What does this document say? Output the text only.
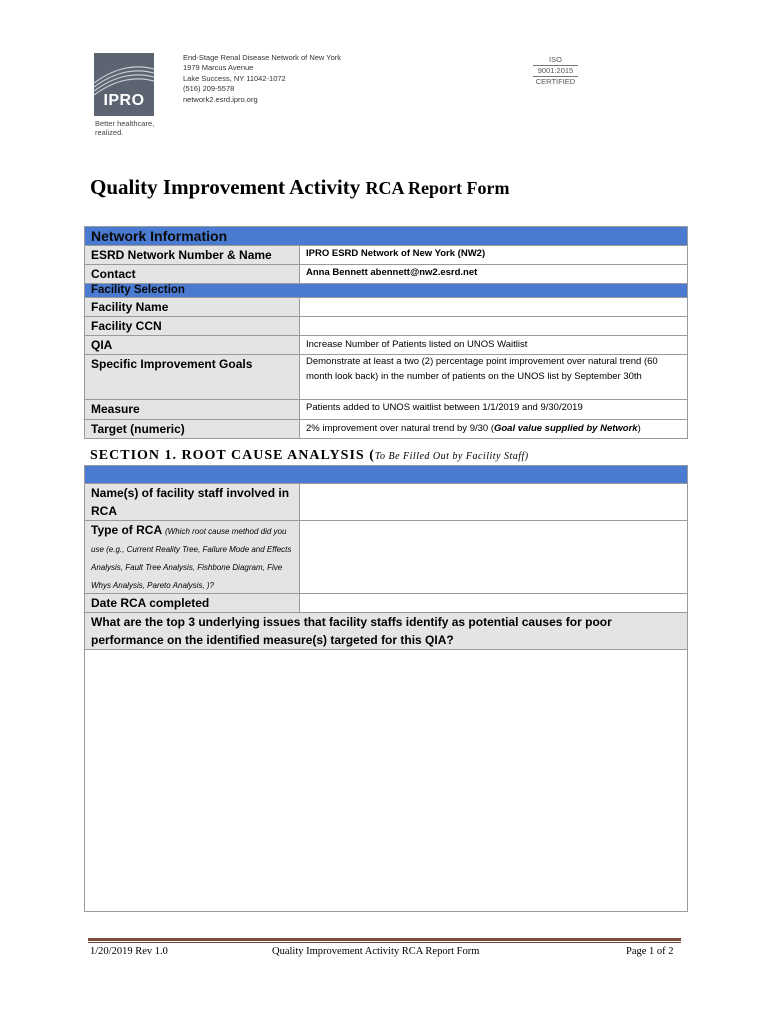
IPRO
Better healthcare,
realized.
End-Stage Renal Disease Network of New York
1979 Marcus Avenue
Lake Success, NY 11042-1072
(516) 209-5578
network2.esrd.ipro.org
ISO
9001:2015
CERTIFIED
Quality Improvement Activity RCA Report Form
Network Information	
ESRD Network Number & Name	IPRO ESRD Network of New York (NW2)
Contact	Anna Bennett abennett@nw2.esrd.net
Facility Selection	
Facility Name	
Facility CCN	
QIA	Increase Number of Patients listed on UNOS Waitlist
Specific Improvement Goals	Demonstrate at least a two (2) percentage point improvement over natural trend (60 month look back) in the number of patients on the UNOS list by September 30th
Measure	Patients added to UNOS waitlist between 1/1/2019 and 9/30/2019
Target (numeric)	2% improvement over natural trend by 9/30 (Goal value supplied by Network)
SECTION 1. ROOT CAUSE ANALYSIS (To Be Filled Out by Facility Staff)

Name(s) of facility staff involved in RCA	
Type of RCA (Which root cause method did you use (e.g., Current Reality Tree, Failure Mode and Effects Analysis, Fault Tree Analysis, Fishbone Diagram, Five Whys Analysis, Pareto Analysis, )?	
Date RCA completed	
What are the top 3 underlying issues that facility staffs identify as potential causes for poor performance on the identified measure(s) targeted for this QIA?	

1/20/2019 Rev 1.0	Quality Improvement Activity RCA Report Form	Page 1 of 2
